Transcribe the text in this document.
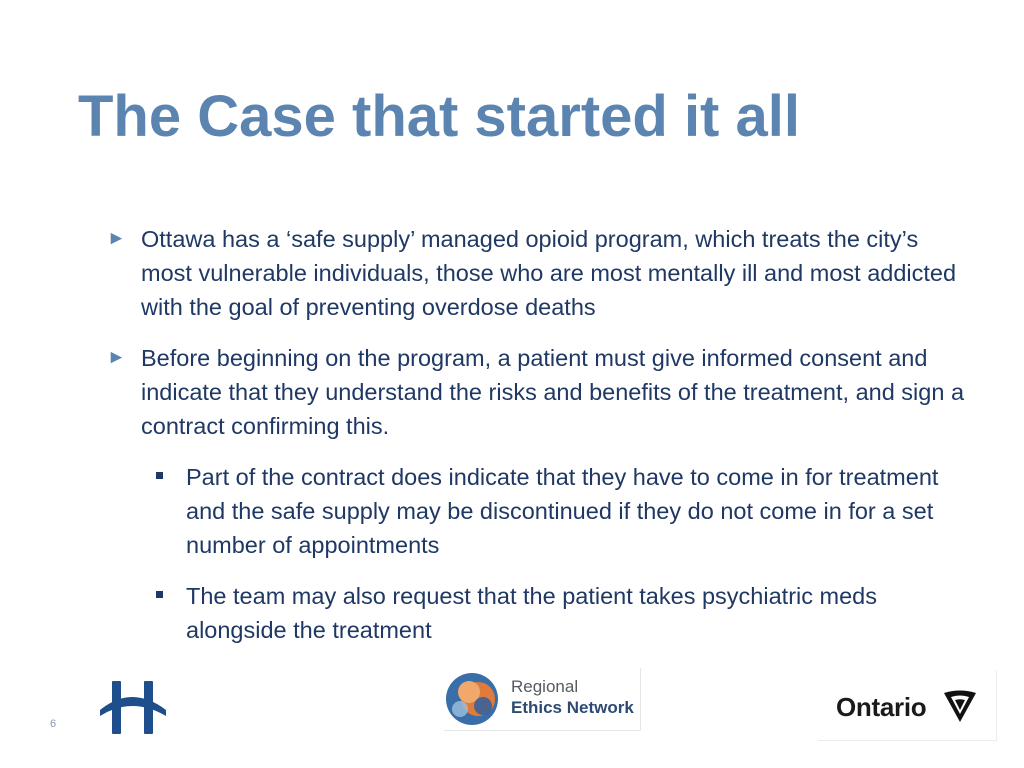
The Case that started it all
► Ottawa has a ‘safe supply’ managed opioid program, which treats the city’s most vulnerable individuals, those who are most mentally ill and most addicted with the goal of preventing overdose deaths
► Before beginning on the program, a patient must give informed consent and indicate that they understand the risks and benefits of the treatment, and sign a contract confirming this.
Part of the contract does indicate that they have to come in for treatment and the safe supply may be discontinued if they do not come in for a set number of appointments
The team may also request that the patient takes psychiatric meds alongside the treatment
6
Regional
Ethics Network	Ontario
